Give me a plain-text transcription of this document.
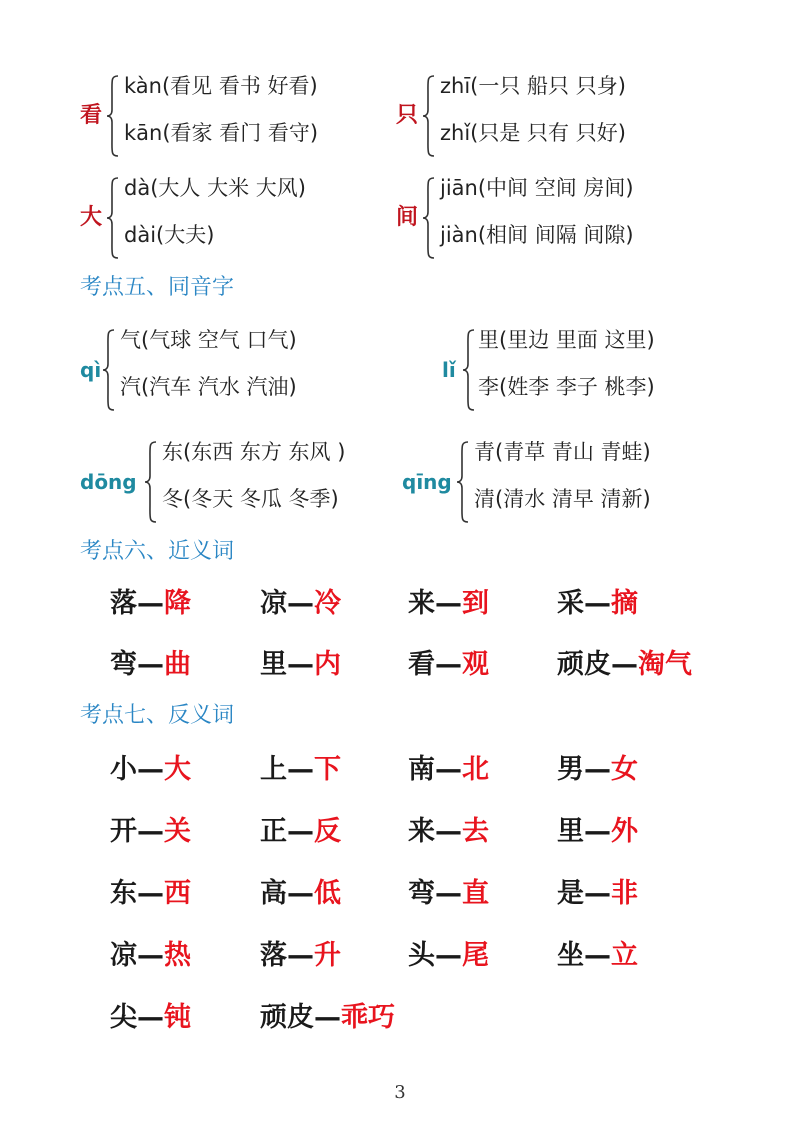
看
kàn(看见 看书 好看)
kān(看家 看门 看守)
只
zhī(一只 船只 只身)
zhǐ(只是 只有 只好)
大
dà(大人 大米 大风)
dài(大夫)
间
jiān(中间 空间 房间)
jiàn(相间 间隔 间隙)
考点五、同音字
qì
气(气球 空气 口气)
汽(汽车 汽水 汽油)
lǐ
里(里边 里面 这里)
李(姓李 李子 桃李)
dōng
东(东西 东方 东风 )
冬(冬天 冬瓜 冬季)
qīng
青(青草 青山 青蛙)
清(清水 清早 清新)
考点六、近义词
落—降	凉—冷 来—到	采—摘
弯—曲	里—内 看—观	顽皮—淘气
考点七、反义词
小—大	上—下 南—北	男—女
开—关	正—反 来—去	里—外
东—西	高—低 弯—直	是—非
凉—热	落—升 头—尾	坐—立
尖—钝	顽皮—乖巧
3
